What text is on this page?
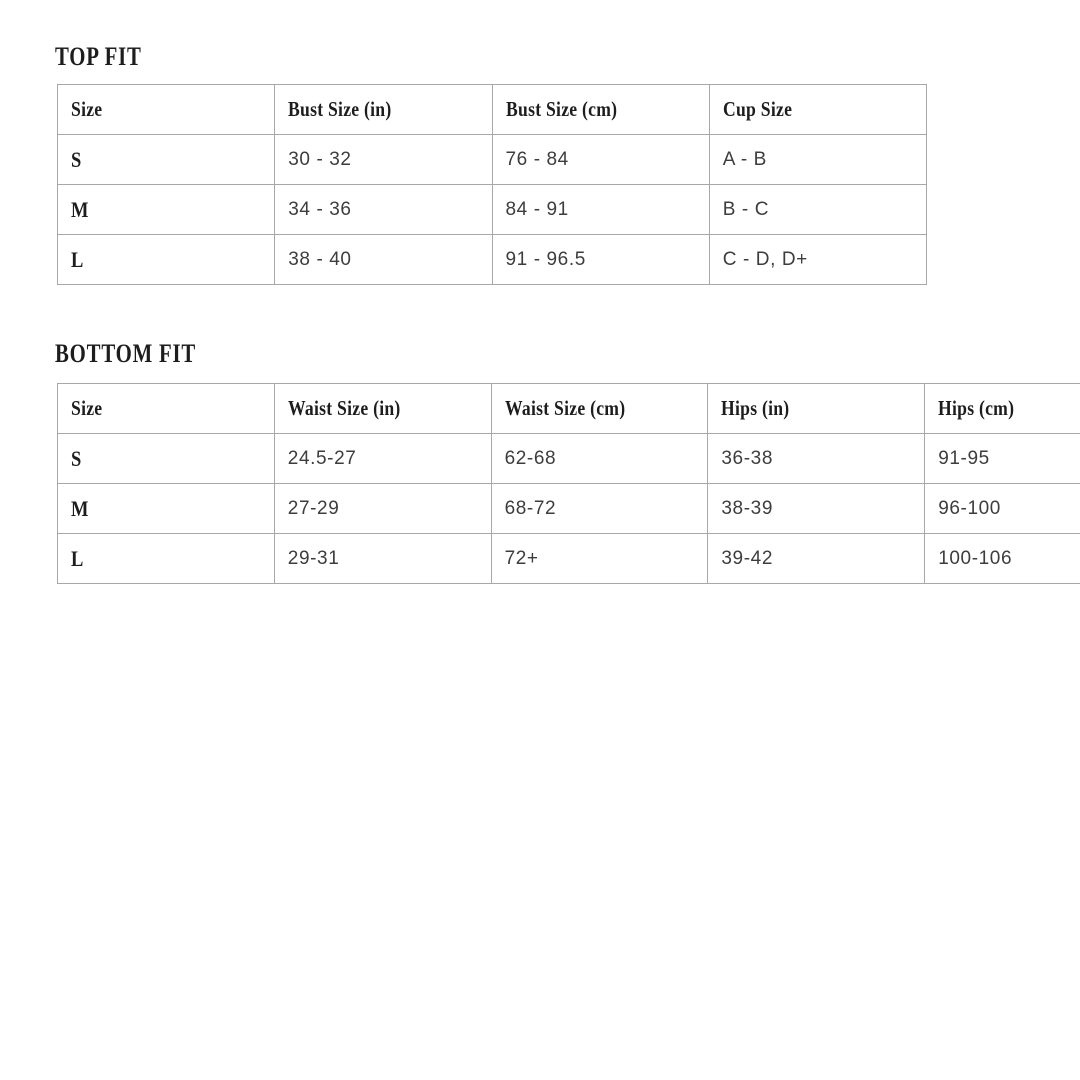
TOP FIT
Size	Bust Size (in)	Bust Size (cm)	Cup Size
S	30 - 32	76 - 84	A - B
M	34 - 36	84 - 91	B - C
L	38 - 40	91 - 96.5	C - D, D+
BOTTOM FIT
Size	Waist Size (in)	Waist Size (cm)	Hips (in)	Hips (cm)
S	24.5-27	62-68	36-38	91-95
M	27-29	68-72	38-39	96-100
L	29-31	72+	39-42	100-106
